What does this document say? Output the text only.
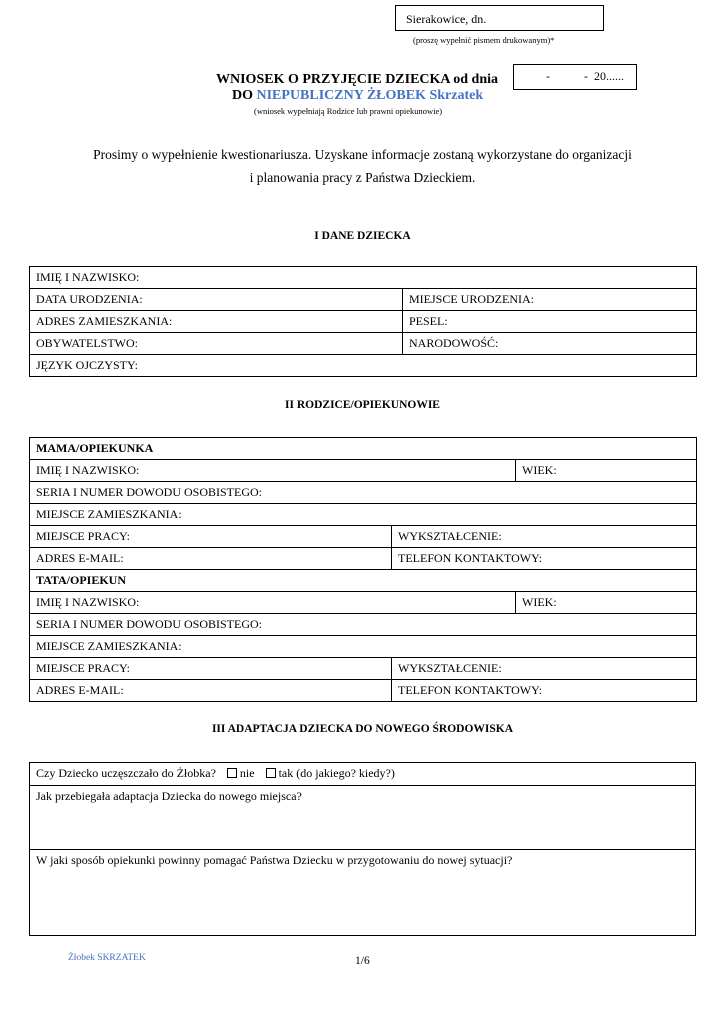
Sierakowice, dn.
(proszę wypełnić pismem drukowanym)*
WNIOSEK O PRZYJĘCIE DZIECKA od dnia	-	- 20......
DO NIEPUBLICZNY ŻŁOBEK Skrzatek
(wniosek wypełniają Rodzice lub prawni opiekunowie)
Prosimy o wypełnienie kwestionariusza. Uzyskane informacje zostaną wykorzystane do organizacji
i planowania pracy z Państwa Dzieckiem.
I DANE DZIECKA
IMIĘ I NAZWISKO:	
DATA URODZENIA:	MIEJSCE URODZENIA:
ADRES ZAMIESZKANIA:	PESEL:
OBYWATELSTWO:	NARODOWOŚĆ:
JĘZYK OJCZYSTY:	
II RODZICE/OPIEKUNOWIE
MAMA/OPIEKUNKA		
IMIĘ I NAZWISKO:		WIEK:
SERIA I NUMER DOWODU OSOBISTEGO:		
MIEJSCE ZAMIESZKANIA:		
MIEJSCE PRACY:	WYKSZTAŁCENIE:	
ADRES E-MAIL:	TELEFON KONTAKTOWY:	
TATA/OPIEKUN		
IMIĘ I NAZWISKO:		WIEK:
SERIA I NUMER DOWODU OSOBISTEGO:		
MIEJSCE ZAMIESZKANIA:		
MIEJSCE PRACY:	WYKSZTAŁCENIE:	
ADRES E-MAIL:	TELEFON KONTAKTOWY:	
III ADAPTACJA DZIECKA DO NOWEGO ŚRODOWISKA
Czy Dziecko uczęszczało do Żłobka? nie tak (do jakiego? kiedy?)
Jak przebiegała adaptacja Dziecka do nowego miejsca?
W jaki sposób opiekunki powinny pomagać Państwa Dziecku w przygotowaniu do nowej sytuacji?
Żłobek SKRZATEK	1/6
